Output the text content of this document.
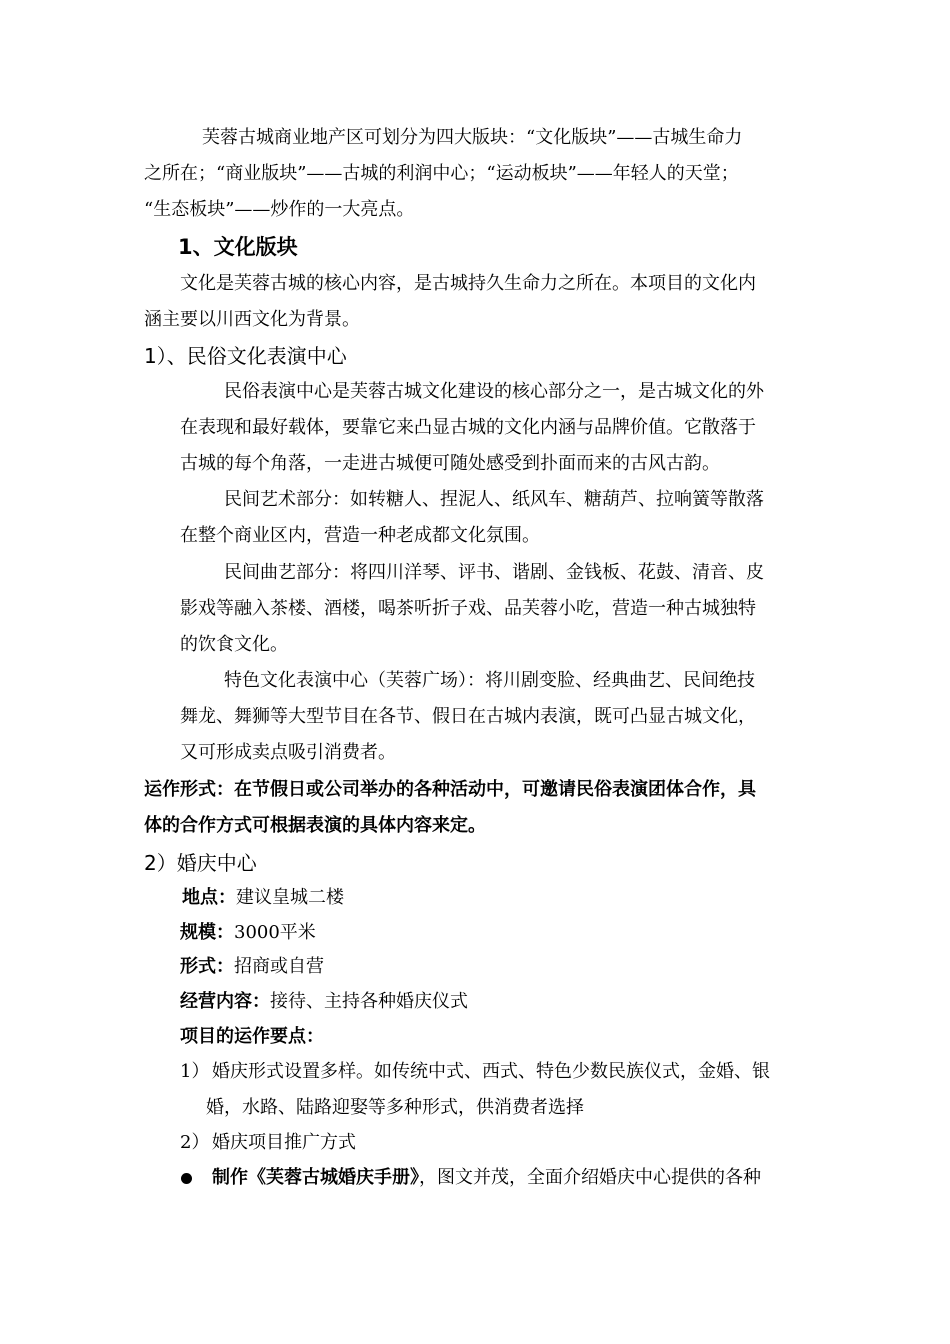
芙蓉古城商业地产区可划分为四大版块：“文化版块”——古城生命力
之所在；“商业版块”——古城的利润中心；“运动板块”——年轻人的天堂；
“生态板块”——炒作的一大亮点。
1、文化版块
文化是芙蓉古城的核心内容，是古城持久生命力之所在。本项目的文化内
涵主要以川西文化为背景。
1）、民俗文化表演中心
民俗表演中心是芙蓉古城文化建设的核心部分之一，是古城文化的外
在表现和最好载体，要靠它来凸显古城的文化内涵与品牌价值。它散落于
古城的每个角落，一走进古城便可随处感受到扑面而来的古风古韵。
民间艺术部分：如转糖人、捏泥人、纸风车、糖葫芦、拉响簧等散落
在整个商业区内，营造一种老成都文化氛围。
民间曲艺部分：将四川洋琴、评书、谐剧、金钱板、花鼓、清音、皮
影戏等融入茶楼、酒楼，喝茶听折子戏、品芙蓉小吃，营造一种古城独特
的饮食文化。
特色文化表演中心（芙蓉广场）：将川剧变脸、经典曲艺、民间绝技
舞龙、舞狮等大型节目在各节、假日在古城内表演，既可凸显古城文化，
又可形成卖点吸引消费者。
运作形式：在节假日或公司举办的各种活动中，可邀请民俗表演团体合作，具
体的合作方式可根据表演的具体内容来定。
2）婚庆中心
地点：建议皇城二楼
规模：3000平米
形式：招商或自营
经营内容：接待、主持各种婚庆仪式
项目的运作要点：
1） 婚庆形式设置多样。如传统中式、西式、特色少数民族仪式，金婚、银
婚，水路、陆路迎娶等多种形式，供消费者选择
2） 婚庆项目推广方式
制作《芙蓉古城婚庆手册》，图文并茂，全面介绍婚庆中心提供的各种
